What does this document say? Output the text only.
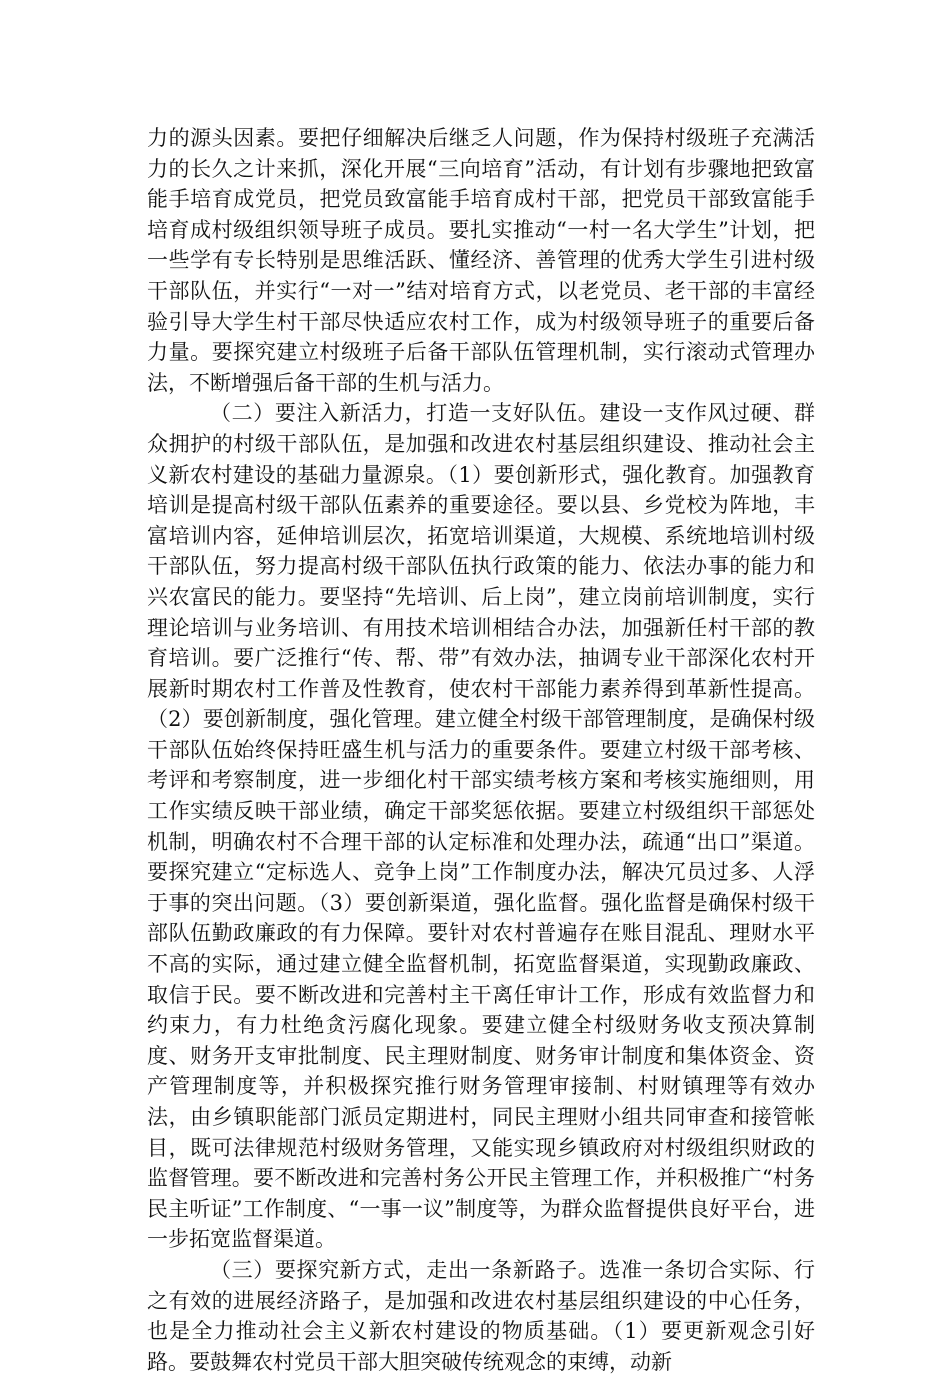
力的源头因素。要把仔细解决后继乏人问题，作为保持村级班子充满活力的长久之计来抓，深化开展“三向培育”活动，有计划有步骤地把致富能手培育成党员，把党员致富能手培育成村干部，把党员干部致富能手培育成村级组织领导班子成员。要扎实推动“一村一名大学生”计划，把一些学有专长特别是思维活跃、懂经济、善管理的优秀大学生引进村级干部队伍，并实行“一对一”结对培育方式，以老党员、老干部的丰富经验引导大学生村干部尽快适应农村工作，成为村级领导班子的重要后备力量。要探究建立村级班子后备干部队伍管理机制，实行滚动式管理办法，不断增强后备干部的生机与活力。

（二）要注入新活力，打造一支好队伍。建设一支作风过硬、群众拥护的村级干部队伍，是加强和改进农村基层组织建设、推动社会主义新农村建设的基础力量源泉。（1）要创新形式，强化教育。加强教育培训是提高村级干部队伍素养的重要途径。要以县、乡党校为阵地，丰富培训内容，延伸培训层次，拓宽培训渠道，大规模、系统地培训村级干部队伍，努力提高村级干部队伍执行政策的能力、依法办事的能力和兴农富民的能力。要坚持“先培训、后上岗”，建立岗前培训制度，实行理论培训与业务培训、有用技术培训相结合办法，加强新任村干部的教育培训。要广泛推行“传、帮、带”有效办法，抽调专业干部深化农村开展新时期农村工作普及性教育，使农村干部能力素养得到革新性提高。（2）要创新制度，强化管理。建立健全村级干部管理制度，是确保村级干部队伍始终保持旺盛生机与活力的重要条件。要建立村级干部考核、考评和考察制度，进一步细化村干部实绩考核方案和考核实施细则，用工作实绩反映干部业绩，确定干部奖惩依据。要建立村级组织干部惩处机制，明确农村不合理干部的认定标准和处理办法，疏通“出口”渠道。要探究建立“定标选人、竞争上岗”工作制度办法，解决冗员过多、人浮于事的突出问题。（3）要创新渠道，强化监督。强化监督是确保村级干部队伍勤政廉政的有力保障。要针对农村普遍存在账目混乱、理财水平不高的实际，通过建立健全监督机制，拓宽监督渠道，实现勤政廉政、取信于民。要不断改进和完善村主干离任审计工作，形成有效监督力和约束力，有力杜绝贪污腐化现象。要建立健全村级财务收支预决算制度、财务开支审批制度、民主理财制度、财务审计制度和集体资金、资产管理制度等，并积极探究推行财务管理审接制、村财镇理等有效办法，由乡镇职能部门派员定期进村，同民主理财小组共同审查和接管帐目，既可法律规范村级财务管理，又能实现乡镇政府对村级组织财政的监督管理。要不断改进和完善村务公开民主管理工作，并积极推广“村务民主听证”工作制度、“一事一议”制度等，为群众监督提供良好平台，进一步拓宽监督渠道。

（三）要探究新方式，走出一条新路子。选准一条切合实际、行之有效的进展经济路子，是加强和改进农村基层组织建设的中心任务，也是全力推动社会主义新农村建设的物质基础。（1）要更新观念引好路。要鼓舞农村党员干部大胆突破传统观念的束缚，动新
